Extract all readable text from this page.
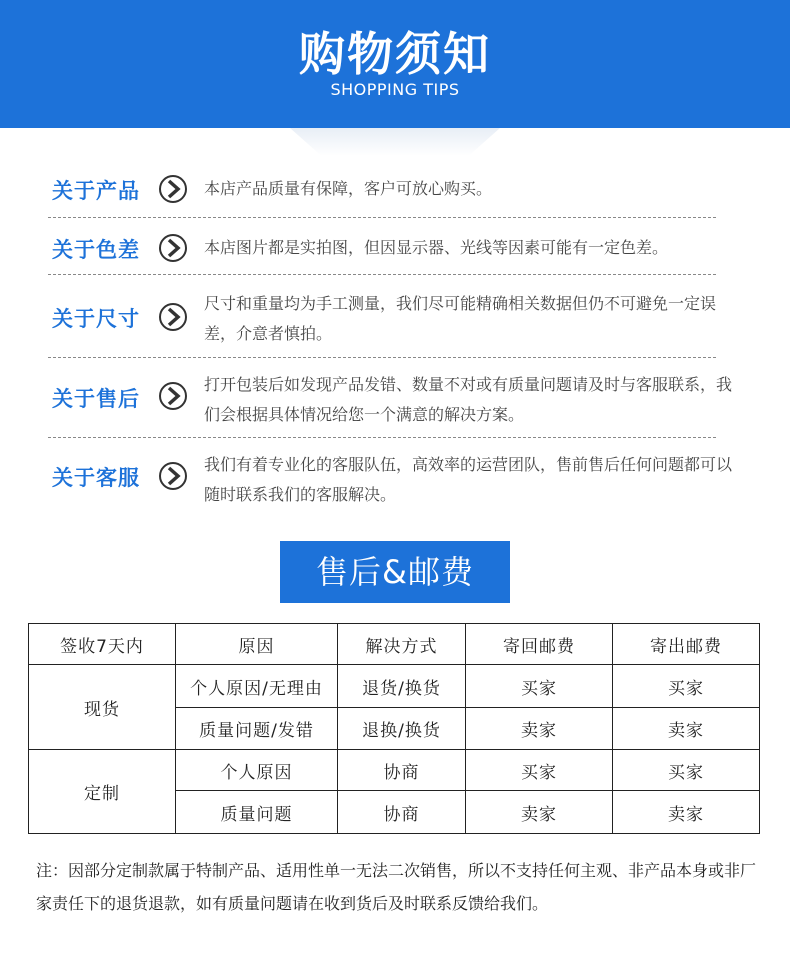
购物须知
SHOPPING TIPS
关于产品	本店产品质量有保障，客户可放心购买。
关于色差	本店图片都是实拍图，但因显示器、光线等因素可能有一定色差。
关于尺寸
尺寸和重量均为手工测量，我们尽可能精确相关数据但仍不可避免一定误差，介意者慎拍。
关于售后
打开包装后如发现产品发错、数量不对或有质量问题请及时与客服联系，我们会根据具体情况给您一个满意的解决方案。
关于客服
我们有着专业化的客服队伍，高效率的运营团队，售前售后任何问题都可以随时联系我们的客服解决。
售后&邮费
签收7天内	原因	解决方式	寄回邮费	寄出邮费
现货	个人原因/无理由	退货/换货	买家	买家
	质量问题/发错	退换/换货	卖家	卖家
定制	个人原因	协商	买家	买家
	质量问题	协商	卖家	卖家
注：因部分定制款属于特制产品、适用性单一无法二次销售，所以不支持任何主观、非产品本身或非厂家责任下的退货退款，如有质量问题请在收到货后及时联系反馈给我们。
